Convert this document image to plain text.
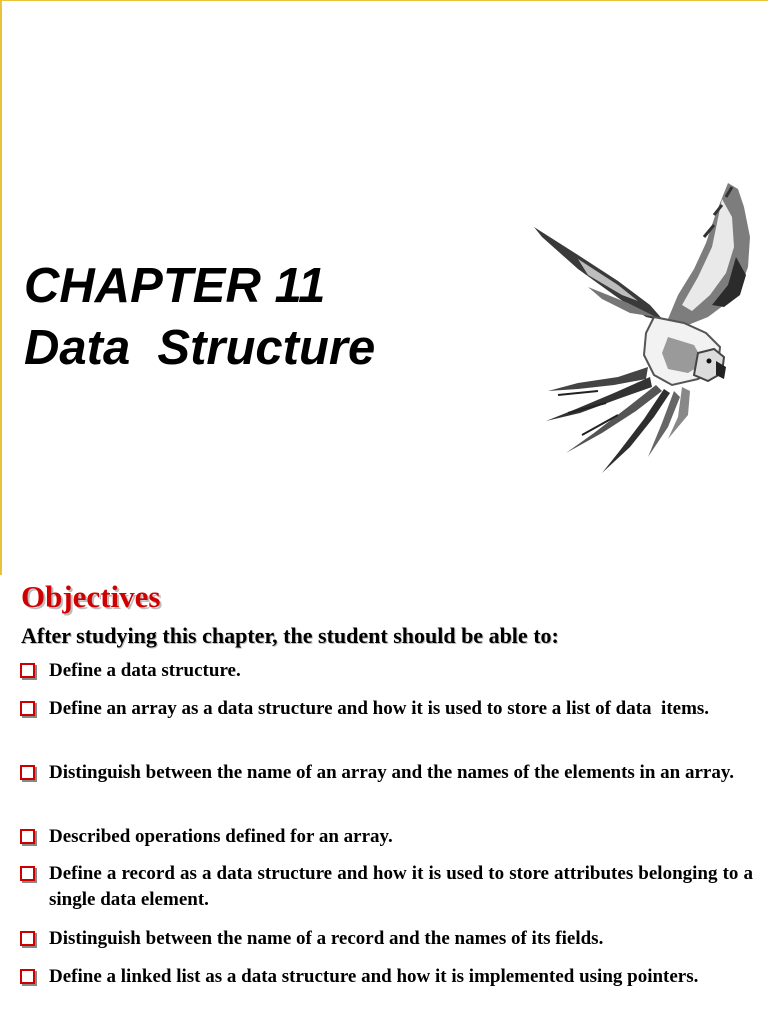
CHAPTER 11
Data  Structure
Objectives
After studying this chapter, the student should be able to:
Define a data structure.
Define an array as a data structure and how it is used to store a list of data  items.
Distinguish between the name of an array and the names of the elements in an array.
Described operations defined for an array.
Define a record as a data structure and how it is used to store attributes belonging to a single data element.
Distinguish between the name of a record and the names of its fields.
Define a linked list as a data structure and how it is implemented using pointers.
